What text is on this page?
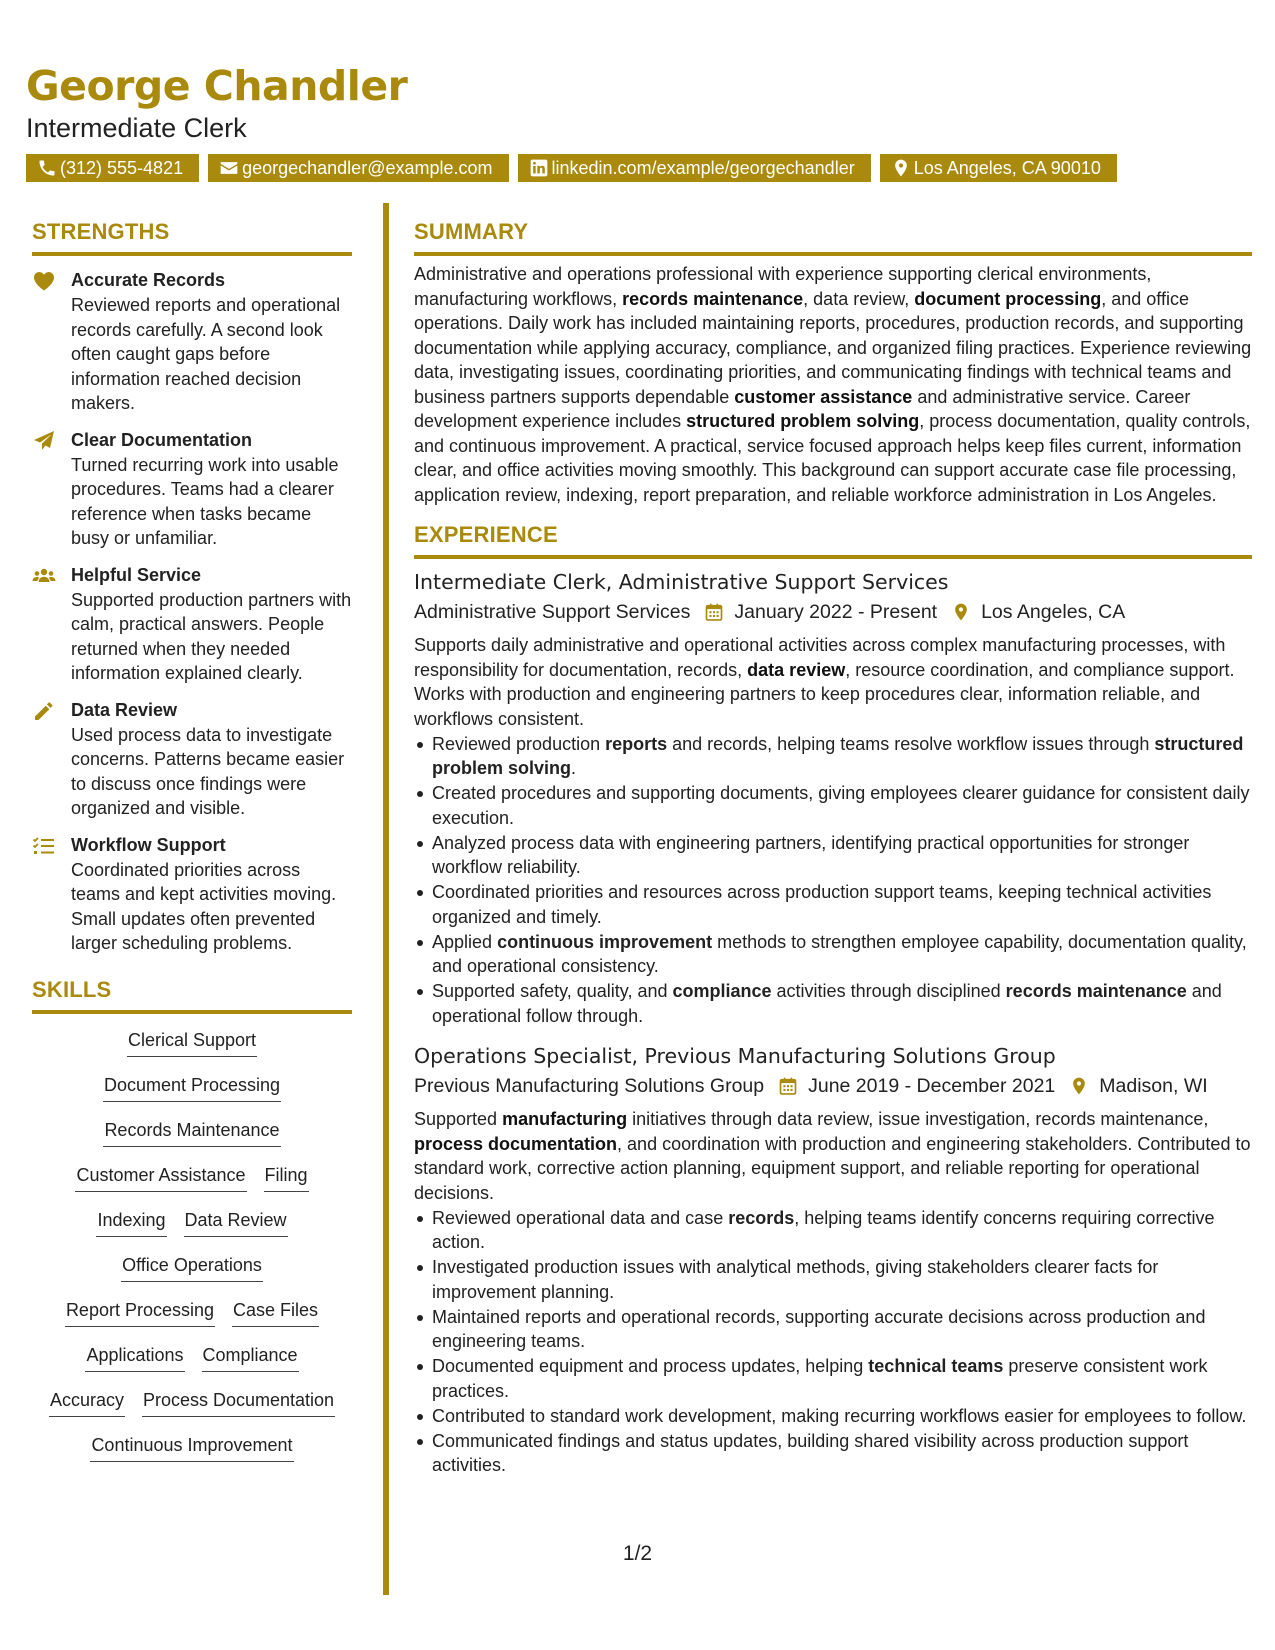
George Chandler
Intermediate Clerk
(312) 555-4821	georgechandler@example.com	linkedin.com/example/georgechandler	Los Angeles, CA 90010
STRENGTHS
Accurate Records
Reviewed reports and operational records carefully. A second look often caught gaps before information reached decision makers.
Clear Documentation
Turned recurring work into usable procedures. Teams had a clearer reference when tasks became busy or unfamiliar.
Helpful Service
Supported production partners with calm, practical answers. People returned when they needed information explained clearly.
Data Review
Used process data to investigate concerns. Patterns became easier to discuss once findings were organized and visible.
Workflow Support
Coordinated priorities across teams and kept activities moving. Small updates often prevented larger scheduling problems.
SKILLS
Clerical Support
Document Processing
Records Maintenance
Customer Assistance Filing
Indexing Data Review
Office Operations
Report Processing Case Files
Applications Compliance
Accuracy Process Documentation
Continuous Improvement
SUMMARY
Administrative and operations professional with experience supporting clerical environments, manufacturing workflows, records maintenance, data review, document processing, and office operations. Daily work has included maintaining reports, procedures, production records, and supporting documentation while applying accuracy, compliance, and organized filing practices. Experience reviewing data, investigating issues, coordinating priorities, and communicating findings with technical teams and business partners supports dependable customer assistance and administrative service. Career development experience includes structured problem solving, process documentation, quality controls, and continuous improvement. A practical, service focused approach helps keep files current, information clear, and office activities moving smoothly. This background can support accurate case file processing, application review, indexing, report preparation, and reliable workforce administration in Los Angeles.
EXPERIENCE
Intermediate Clerk, Administrative Support Services
Administrative Support Services January 2022 - Present Los Angeles, CA
Supports daily administrative and operational activities across complex manufacturing processes, with responsibility for documentation, records, data review, resource coordination, and compliance support. Works with production and engineering partners to keep procedures clear, information reliable, and workflows consistent.
Reviewed production reports and records, helping teams resolve workflow issues through structured problem solving.
Created procedures and supporting documents, giving employees clearer guidance for consistent daily execution.
Analyzed process data with engineering partners, identifying practical opportunities for stronger workflow reliability.
Coordinated priorities and resources across production support teams, keeping technical activities organized and timely.
Applied continuous improvement methods to strengthen employee capability, documentation quality, and operational consistency.
Supported safety, quality, and compliance activities through disciplined records maintenance and operational follow through.
Operations Specialist, Previous Manufacturing Solutions Group
Previous Manufacturing Solutions Group June 2019 - December 2021 Madison, WI
Supported manufacturing initiatives through data review, issue investigation, records maintenance, process documentation, and coordination with production and engineering stakeholders. Contributed to standard work, corrective action planning, equipment support, and reliable reporting for operational decisions.
Reviewed operational data and case records, helping teams identify concerns requiring corrective action.
Investigated production issues with analytical methods, giving stakeholders clearer facts for improvement planning.
Maintained reports and operational records, supporting accurate decisions across production and engineering teams.
Documented equipment and process updates, helping technical teams preserve consistent work practices.
Contributed to standard work development, making recurring workflows easier for employees to follow.
Communicated findings and status updates, building shared visibility across production support activities.
1/2
